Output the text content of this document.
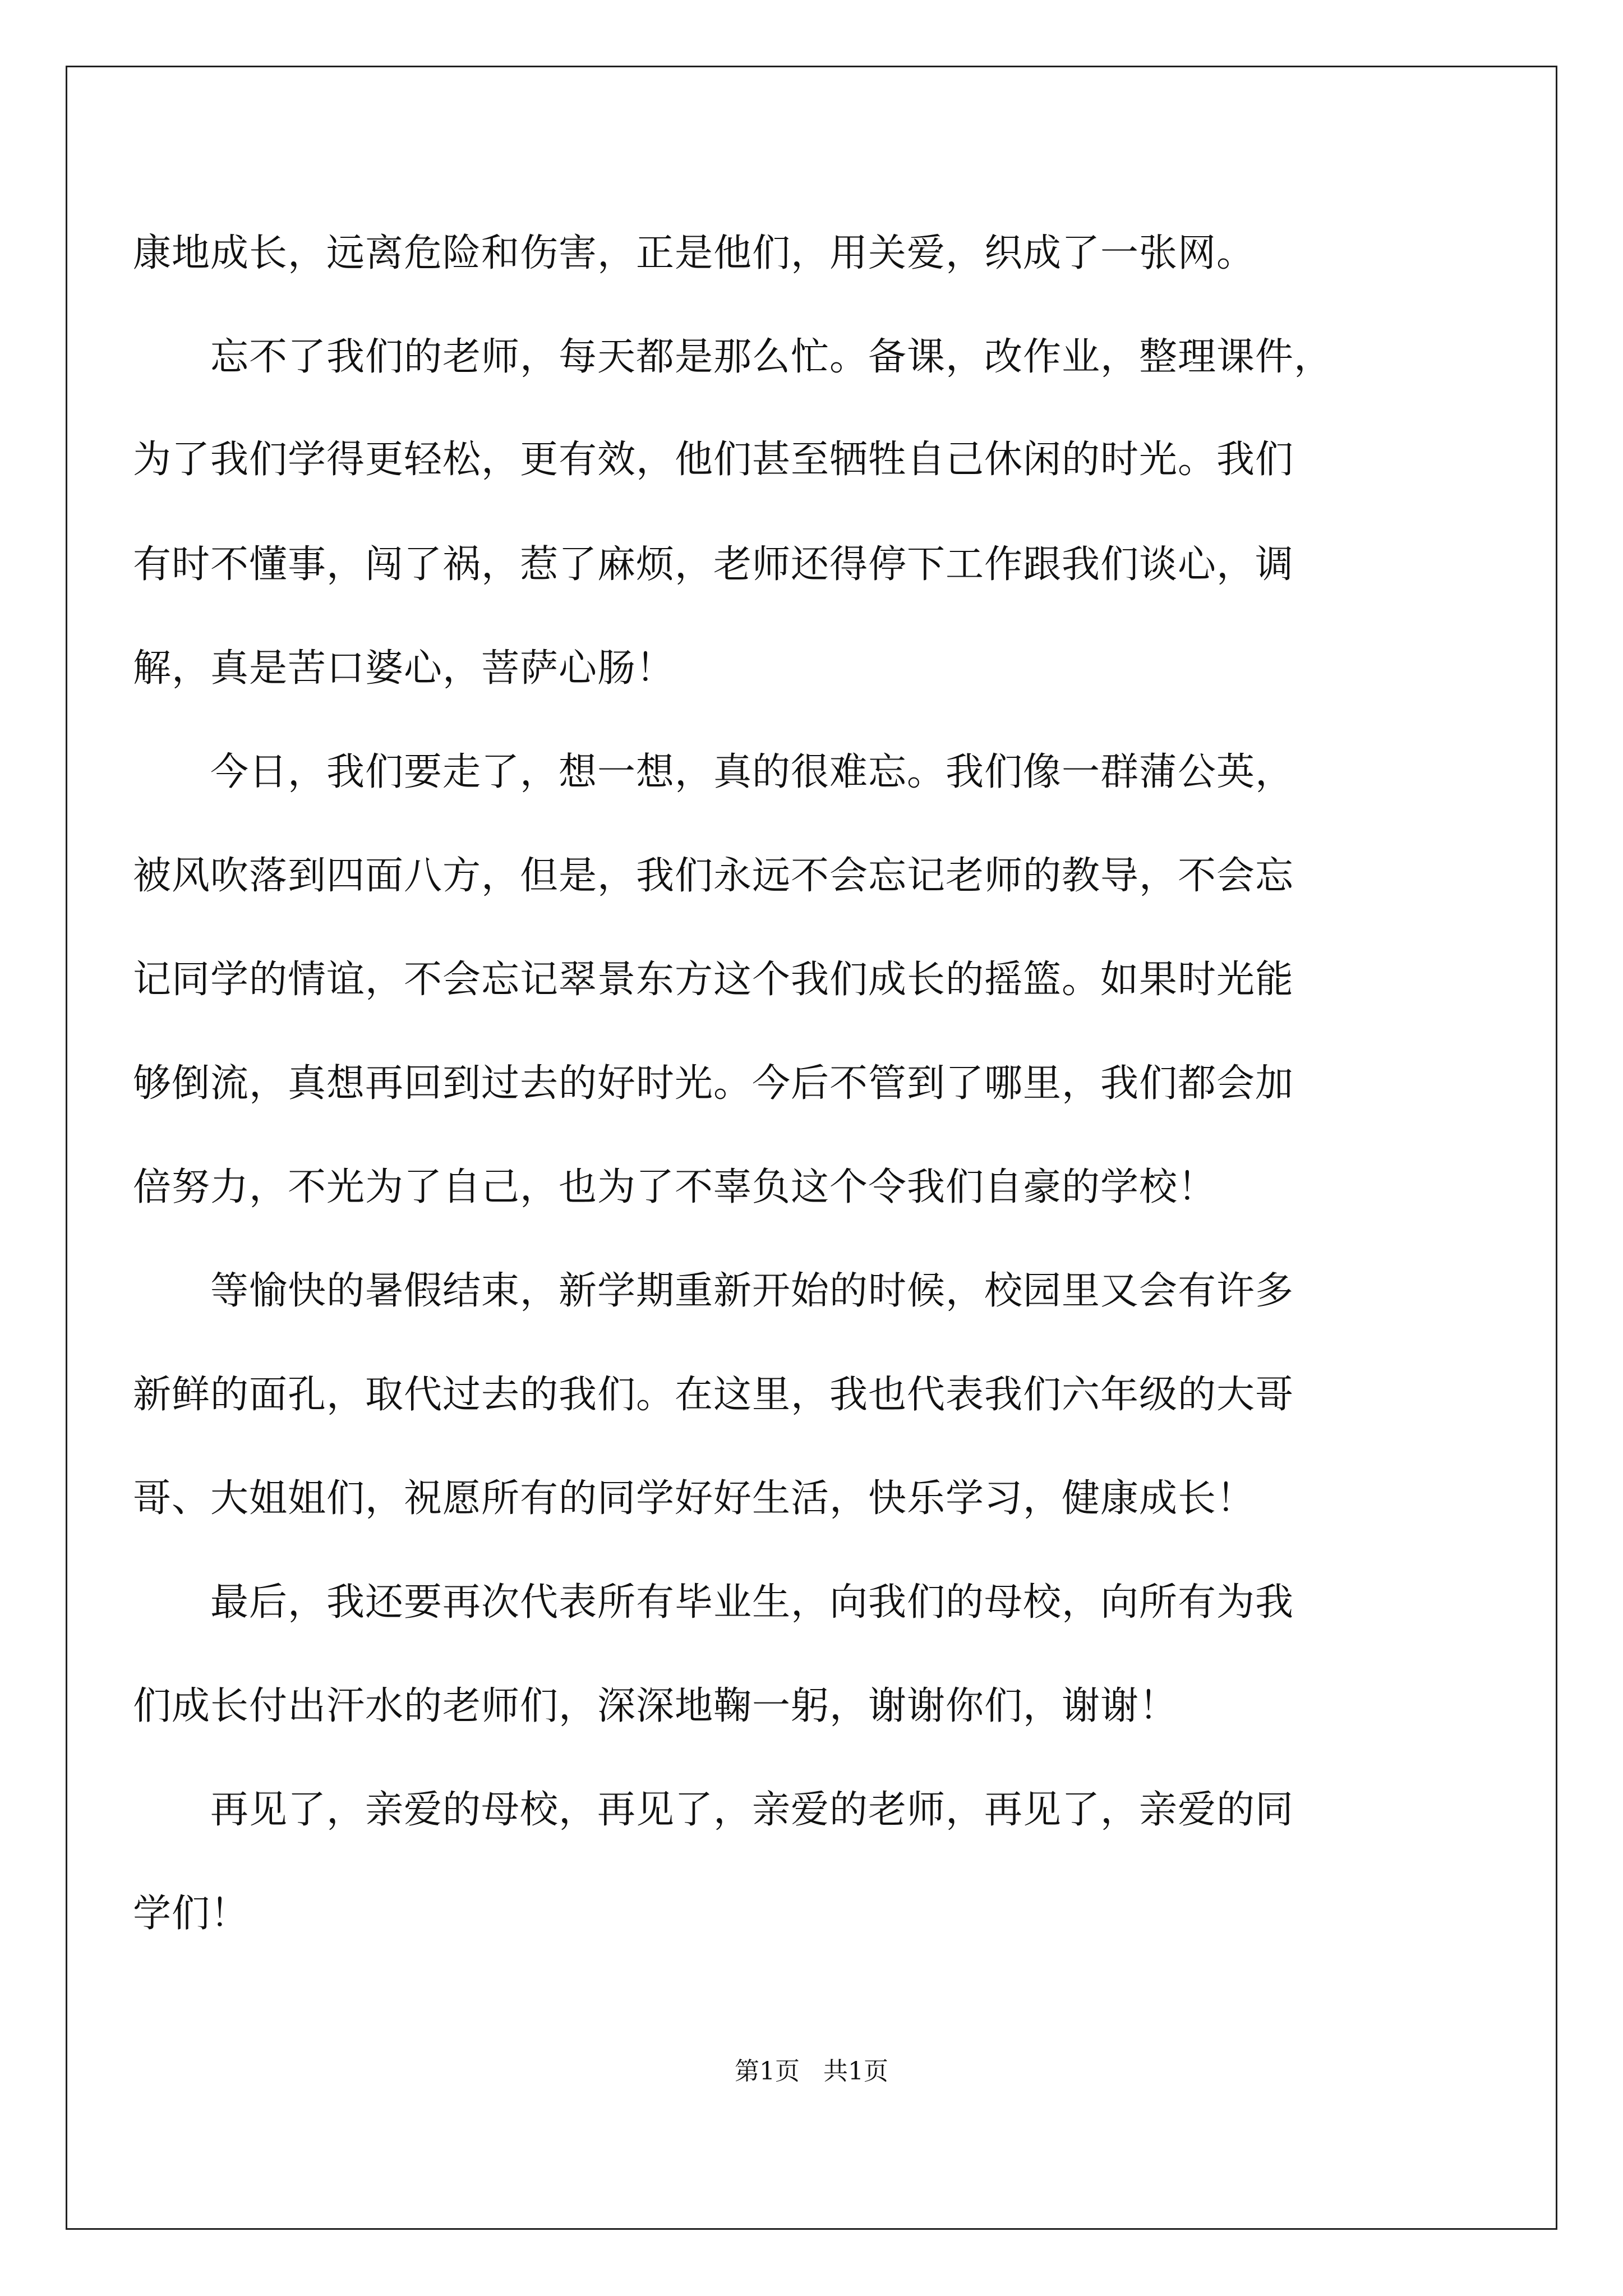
康地成长，远离危险和伤害，正是他们，用关爱，织成了一张网。
　　忘不了我们的老师，每天都是那么忙。备课，改作业，整理课件，
为了我们学得更轻松，更有效，他们甚至牺牲自己休闲的时光。我们
有时不懂事，闯了祸，惹了麻烦，老师还得停下工作跟我们谈心，调
解，真是苦口婆心，菩萨心肠！
　　今日，我们要走了，想一想，真的很难忘。我们像一群蒲公英，
被风吹落到四面八方，但是，我们永远不会忘记老师的教导，不会忘
记同学的情谊，不会忘记翠景东方这个我们成长的摇篮。如果时光能
够倒流，真想再回到过去的好时光。今后不管到了哪里，我们都会加
倍努力，不光为了自己，也为了不辜负这个令我们自豪的学校！
　　等愉快的暑假结束，新学期重新开始的时候，校园里又会有许多
新鲜的面孔，取代过去的我们。在这里，我也代表我们六年级的大哥
哥、大姐姐们，祝愿所有的同学好好生活，快乐学习，健康成长！
　　最后，我还要再次代表所有毕业生，向我们的母校，向所有为我
们成长付出汗水的老师们，深深地鞠一躬，谢谢你们，谢谢！
　　再见了，亲爱的母校，再见了，亲爱的老师，再见了，亲爱的同
学们！
第1页 共1页
